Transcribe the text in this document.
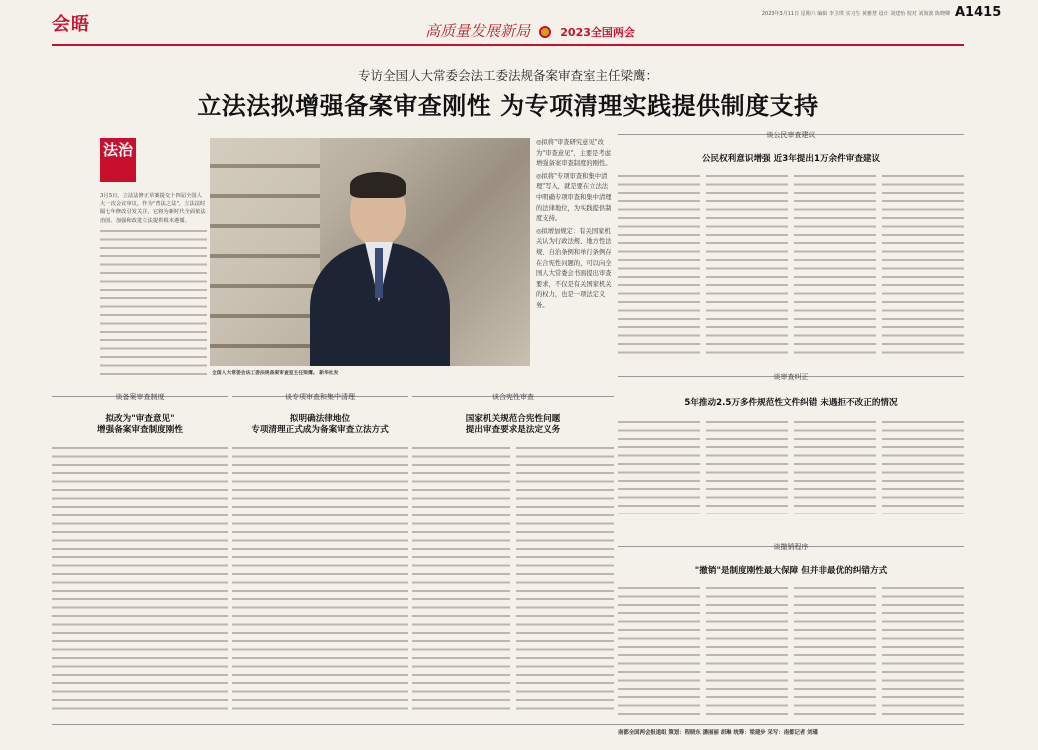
会晤	2023年3月11日 星期六 编辑 李卫琪 实习生 黄雅慧 设计 刘建怡 校对 刘海波 陈晓卿 A1415
高质量发展新局	2023全国两会
专访全国人大常委会法工委法规备案审查室主任梁鹰：
立法法拟增强备案审查刚性 为专项清理实践提供制度支持
法治
3月5日，立法法修正草案提交十四届全国人大一次会议审议，作为"普法之法"，立法法时隔七年修改引发关注，它将为新时代全面依法治国、加强和改进立法提供根本遵循。
全国人大常委会法工委法规备案审查室主任梁鹰。 新华社发
◎拟将"审查研究意见"改为"审查意见"，主要是考虑增强备案审查制度的刚性。
◎拟将"专项审查和集中清理"写入，就是要在立法法中明确专项审查和集中清理的法律地位，为实践提供制度支持。
◎拟增加规定：有关国家机关认为行政法规、地方性法规、自治条例和单行条例存在合宪性问题的，可以向全国人大常委会书面提出审查要求，不仅是有关国家机关的权力，也是一项法定义务。
谈公民审查建议
公民权利意识增强 近3年提出1万余件审查建议
谈审查纠正
5年推动2.5万多件规范性文件纠错 未遇拒不改正的情况
谈撤销程序
"撤销"是制度刚性最大保障 但并非最优的纠错方式
谈备案审查制度
拟改为"审查意见"
增强备案审查制度刚性
谈专项审查和集中清理
拟明确法律地位
专项清理正式成为备案审查立法方式
谈合宪性审查
国家机关规范合宪性问题
提出审查要求是法定义务
南都全国两会报道组 策划：程晓东 潘丽丽 胡琳 统筹：梁建步 采写：南都记者 刘瑾
